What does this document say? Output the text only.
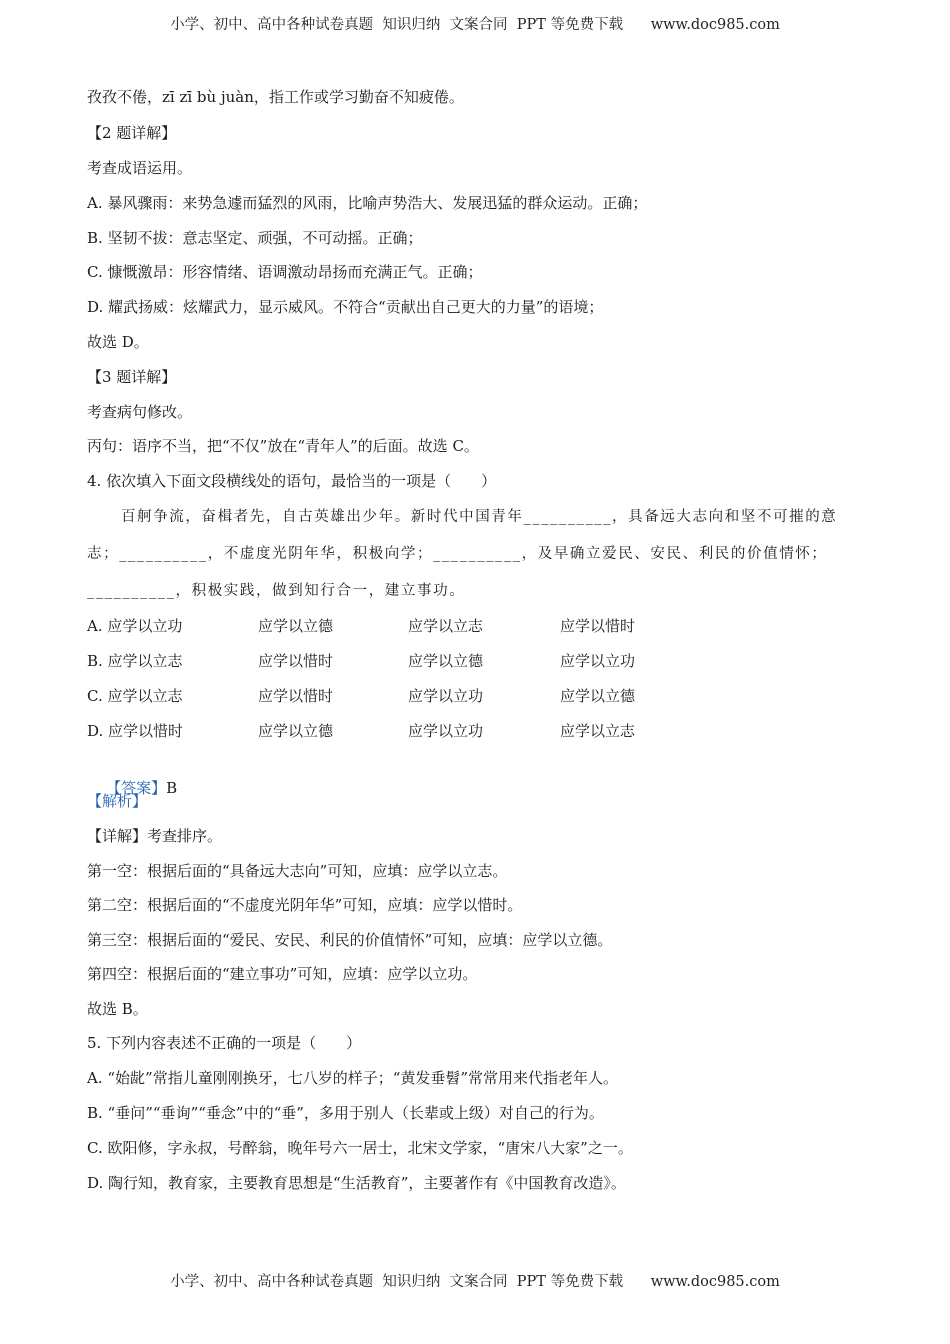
小学、初中、高中各种试卷真题  知识归纳  文案合同  PPT 等免费下载      www.doc985.com
孜孜不倦，zī zī bù juàn，指工作或学习勤奋不知疲倦。
【2 题详解】
考查成语运用。
A. 暴风骤雨：来势急遽而猛烈的风雨，比喻声势浩大、发展迅猛的群众运动。正确；
B. 坚韧不拔：意志坚定、顽强，不可动摇。正确；
C. 慷慨激昂：形容情绪、语调激动昂扬而充满正气。正确；
D. 耀武扬威：炫耀武力，显示威风。不符合“贡献出自己更大的力量”的语境；
故选 D。
【3 题详解】
考查病句修改。
丙句：语序不当，把“不仅”放在“青年人”的后面。故选 C。
4. 依次填入下面文段横线处的语句，最恰当的一项是（　　）
百舸争流，奋楫者先，自古英雄出少年。新时代中国青年__________，具备远大志向和坚不可摧的意
志；__________，不虚度光阴年华，积极向学；__________，及早确立爱民、安民、利民的价值情怀；
__________，积极实践，做到知行合一，建立事功。
A. 应学以立功	应学以立德	应学以立志	应学以惜时
B. 应学以立志	应学以惜时	应学以立德	应学以立功
C. 应学以立志	应学以惜时	应学以立功	应学以立德
D. 应学以惜时	应学以立德	应学以立功	应学以立志

【答案】B

【解析】
【详解】考查排序。
第一空：根据后面的“具备远大志向”可知，应填：应学以立志。
第二空：根据后面的“不虚度光阴年华”可知，应填：应学以惜时。
第三空：根据后面的“爱民、安民、利民的价值情怀”可知，应填：应学以立德。
第四空：根据后面的“建立事功”可知，应填：应学以立功。
故选 B。
5. 下列内容表述不正确的一项是（　　）
A. “始龀”常指儿童刚刚换牙，七八岁的样子；“黄发垂髫”常常用来代指老年人。
B. “垂问”“垂询”“垂念”中的“垂”，多用于别人（长辈或上级）对自己的行为。
C. 欧阳修，字永叔，号醉翁，晚年号六一居士，北宋文学家，“唐宋八大家”之一。
D. 陶行知，教育家，主要教育思想是“生活教育”，主要著作有《中国教育改造》。
小学、初中、高中各种试卷真题  知识归纳  文案合同  PPT 等免费下载      www.doc985.com
